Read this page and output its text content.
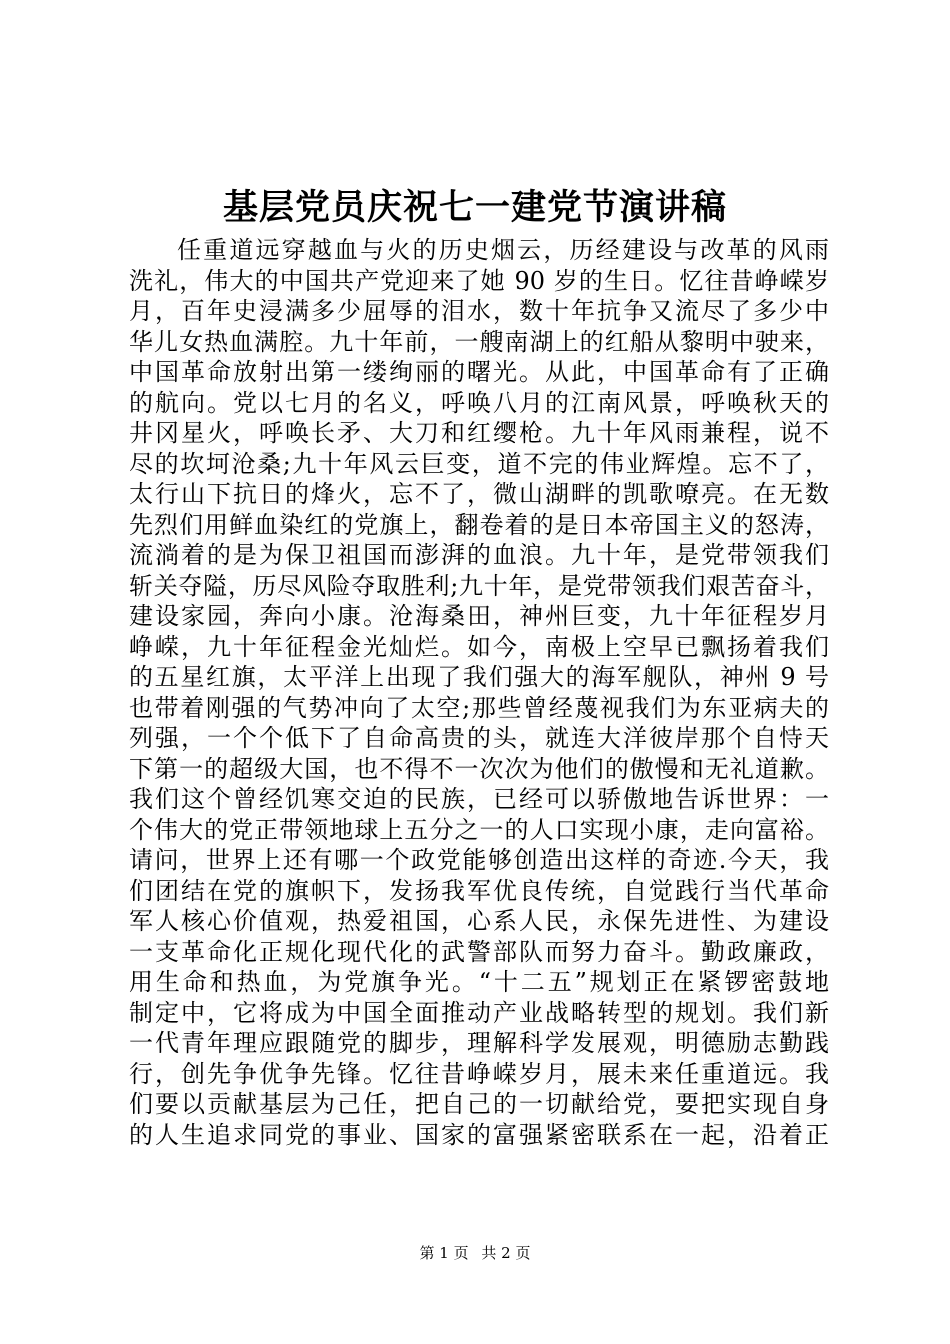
基层党员庆祝七一建党节演讲稿
任重道远穿越血与火的历史烟云，历经建设与改革的风雨
洗礼，伟大的中国共产党迎来了她 90 岁的生日。忆往昔峥嵘岁
月，百年史浸满多少屈辱的泪水，数十年抗争又流尽了多少中
华儿女热血满腔。九十年前，一艘南湖上的红船从黎明中驶来，
中国革命放射出第一缕绚丽的曙光。从此，中国革命有了正确
的航向。党以七月的名义，呼唤八月的江南风景，呼唤秋天的
井冈星火，呼唤长矛、大刀和红缨枪。九十年风雨兼程，说不
尽的坎坷沧桑;九十年风云巨变，道不完的伟业辉煌。忘不了，
太行山下抗日的烽火，忘不了，微山湖畔的凯歌嘹亮。在无数
先烈们用鲜血染红的党旗上，翻卷着的是日本帝国主义的怒涛，
流淌着的是为保卫祖国而澎湃的血浪。九十年，是党带领我们
斩关夺隘，历尽风险夺取胜利;九十年，是党带领我们艰苦奋斗，
建设家园，奔向小康。沧海桑田，神州巨变，九十年征程岁月
峥嵘，九十年征程金光灿烂。如今，南极上空早已飘扬着我们
的五星红旗，太平洋上出现了我们强大的海军舰队，神州 9 号
也带着刚强的气势冲向了太空;那些曾经蔑视我们为东亚病夫的
列强，一个个低下了自命高贵的头，就连大洋彼岸那个自恃天
下第一的超级大国，也不得不一次次为他们的傲慢和无礼道歉。
我们这个曾经饥寒交迫的民族，已经可以骄傲地告诉世界：一
个伟大的党正带领地球上五分之一的人口实现小康，走向富裕。
请问，世界上还有哪一个政党能够创造出这样的奇迹.今天，我
们团结在党的旗帜下，发扬我军优良传统，自觉践行当代革命
军人核心价值观，热爱祖国，心系人民，永保先进性、为建设
一支革命化正规化现代化的武警部队而努力奋斗。勤政廉政，
用生命和热血，为党旗争光。“十二五”规划正在紧锣密鼓地
制定中，它将成为中国全面推动产业战略转型的规划。我们新
一代青年理应跟随党的脚步，理解科学发展观，明德励志勤践
行，创先争优争先锋。忆往昔峥嵘岁月，展未来任重道远。我
们要以贡献基层为己任，把自己的一切献给党，要把实现自身
的人生追求同党的事业、国家的富强紧密联系在一起，沿着正
第 1 页 共 2 页
